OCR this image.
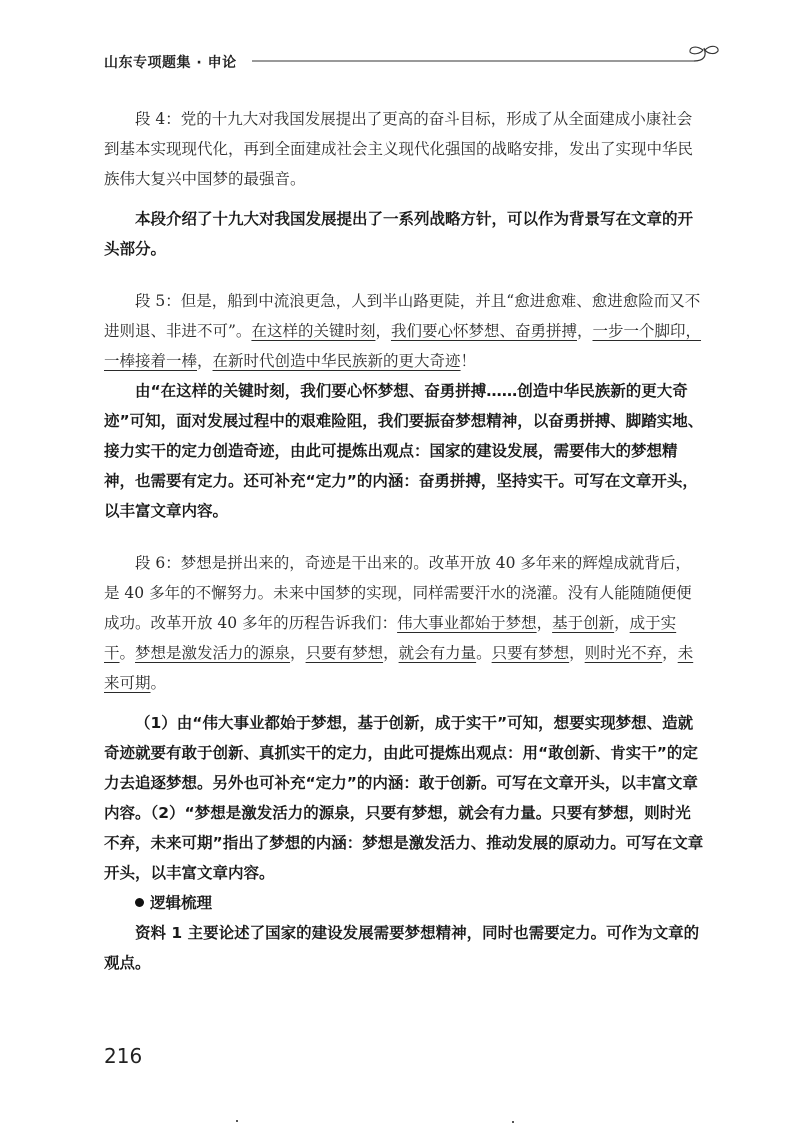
山东专项题集 · 申论

段 4：党的十九大对我国发展提出了更高的奋斗目标，形成了从全面建成小康社会到基本实现现代化，再到全面建成社会主义现代化强国的战略安排，发出了实现中华民族伟大复兴中国梦的最强音。

本段介绍了十九大对我国发展提出了一系列战略方针，可以作为背景写在文章的开头部分。

段 5：但是，船到中流浪更急，人到半山路更陡，并且“愈进愈难、愈进愈险而又不进则退、非进不可”。在这样的关键时刻，我们要心怀梦想、奋勇拼搏，一步一个脚印，一棒接着一棒，在新时代创造中华民族新的更大奇迹！

由“在这样的关键时刻，我们要心怀梦想、奋勇拼搏……创造中华民族新的更大奇迹”可知，面对发展过程中的艰难险阻，我们要振奋梦想精神，以奋勇拼搏、脚踏实地、接力实干的定力创造奇迹，由此可提炼出观点：国家的建设发展，需要伟大的梦想精神，也需要有定力。还可补充“定力”的内涵：奋勇拼搏，坚持实干。可写在文章开头，以丰富文章内容。

段 6：梦想是拼出来的，奇迹是干出来的。改革开放 40 多年来的辉煌成就背后，是 40 多年的不懈努力。未来中国梦的实现，同样需要汗水的浇灌。没有人能随随便便成功。改革开放 40 多年的历程告诉我们：伟大事业都始于梦想，基于创新，成于实干。梦想是激发活力的源泉，只要有梦想，就会有力量。只要有梦想，则时光不弃，未来可期。

（1）由“伟大事业都始于梦想，基于创新，成于实干”可知，想要实现梦想、造就奇迹就要有敢于创新、真抓实干的定力，由此可提炼出观点：用“敢创新、肯实干”的定力去追逐梦想。另外也可补充“定力”的内涵：敢于创新。可写在文章开头，以丰富文章内容。（2）“梦想是激发活力的源泉，只要有梦想，就会有力量。只要有梦想，则时光不弃，未来可期”指出了梦想的内涵：梦想是激发活力、推动发展的原动力。可写在文章开头，以丰富文章内容。

逻辑梳理

资料 1 主要论述了国家的建设发展需要梦想精神，同时也需要定力。可作为文章的观点。

216
